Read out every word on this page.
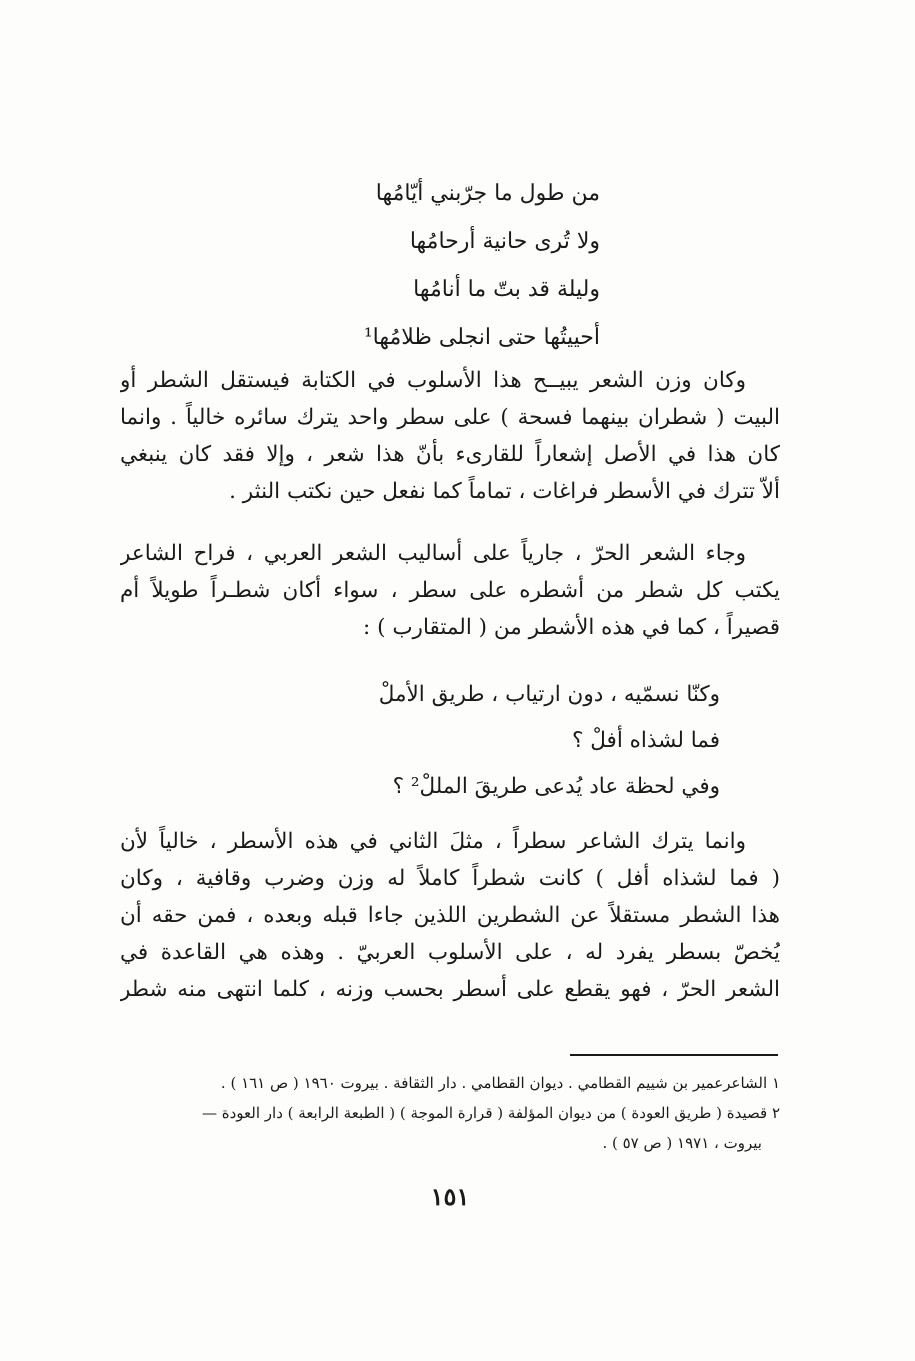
من طول ما جرّبني أيّامُها
ولا تُرى حانية أرحامُها
وليلة قد بتّ ما أنامُها
أحييتُها حتى انجلى ظلامُها¹
وكان وزن الشعر يبيــح هذا الأسلوب في الكتابة فيستقل الشطر أو
البيت ( شطران بينهما فسحة ) على سطر واحد يترك سائره خالياً . وانما
كان هذا في الأصل إشعاراً للقارىء بأنّ هذا شعر ، وإلا فقد كان ينبغي
ألاّ تترك في الأسطر فراغات ، تماماً كما نفعل حين نكتب النثر .
وجاء الشعر الحرّ ، جارياً على أساليب الشعر العربي ، فراح الشاعر
يكتب كل شطر من أشطره على سطر ، سواء أكان شطـراً طويلاً أم
قصيراً ، كما في هذه الأشطر من ( المتقارب ) :
وكنّا نسمّيه ، دون ارتياب ، طريق الأملْ
فما لشذاه أفلْ ؟
وفي لحظة عاد يُدعى طريقَ المللْ² ؟
وانما يترك الشاعر سطراً ، مثلَ الثاني في هذه الأسطر ، خالياً لأن
( فما لشذاه أفل ) كانت شطراً كاملاً له وزن وضرب وقافية ، وكان
هذا الشطر مستقلاً عن الشطرين اللذين جاءا قبله وبعده ، فمن حقه أن
يُخصّ بسطر يفرد له ، على الأسلوب العربيّ . وهذه هي القاعدة في
الشعر الحرّ ، فهو يقطع على أسطر بحسب وزنه ، كلما انتهى منه شطر
١ الشاعرعمير بن شييم القطامي . ديوان القطامي . دار الثقافة . بيروت ١٩٦٠ ( ص ١٦١ ) .
٢ قصيدة ( طريق العودة ) من ديوان المؤلفة ( قرارة الموجة ) ( الطبعة الرابعة ) دار العودة —
بيروت ، ١٩٧١ ( ص ٥٧ ) .
١٥١
